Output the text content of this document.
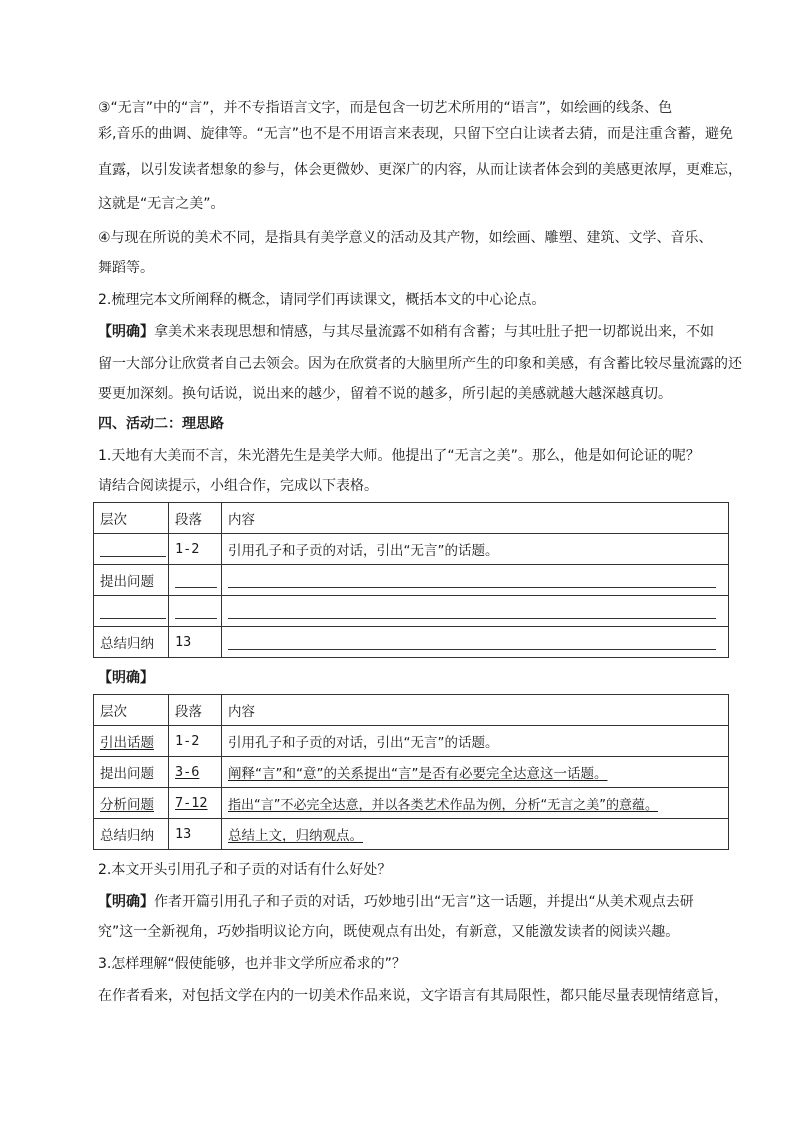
③“无言”中的“言”，并不专指语言文字，而是包含一切艺术所用的“语言”，如绘画的线条、色
彩,音乐的曲调、旋律等。“无言”也不是不用语言来表现，只留下空白让读者去猜，而是注重含蓄，避免
直露，以引发读者想象的参与，体会更微妙、更深广的内容，从而让读者体会到的美感更浓厚，更难忘，
这就是“无言之美”。
④与现在所说的美术不同，是指具有美学意义的活动及其产物，如绘画、雕塑、建筑、文学、音乐、
舞蹈等。
2.梳理完本文所阐释的概念，请同学们再读课文，概括本文的中心论点。
【明确】拿美术来表现思想和情感，与其尽量流露不如稍有含蓄；与其吐肚子把一切都说出来，不如
留一大部分让欣赏者自己去领会。因为在欣赏者的大脑里所产生的印象和美感，有含蓄比较尽量流露的还
要更加深刻。换句话说，说出来的越少，留着不说的越多，所引起的美感就越大越深越真切。
四、活动二：理思路
1.天地有大美而不言，朱光潜先生是美学大师。他提出了“无言之美”。那么，他是如何论证的呢？
请结合阅读提示，小组合作，完成以下表格。
层次	段落	内容
	1-2	引用孔子和子贡的对话，引出“无言”的话题。
提出问题		

总结归纳	13	
【明确】
层次	段落	内容
引出话题	1-2	引用孔子和子贡的对话，引出“无言”的话题。
提出问题	3-6	阐释“言”和“意”的关系提出“言”是否有必要完全达意这一话题。
分析问题	7-12	指出“言”不必完全达意，并以各类艺术作品为例，分析“无言之美”的意蕴。
总结归纳	13	总结上文，归纳观点。
2.本文开头引用孔子和子贡的对话有什么好处？
【明确】作者开篇引用孔子和子贡的对话，巧妙地引出“无言”这一话题，并提出“从美术观点去研
究”这一全新视角，巧妙指明议论方向，既使观点有出处，有新意，又能激发读者的阅读兴趣。
3.怎样理解“假使能够，也并非文学所应希求的”？
在作者看来，对包括文学在内的一切美术作品来说，文字语言有其局限性，都只能尽量表现情绪意旨，
